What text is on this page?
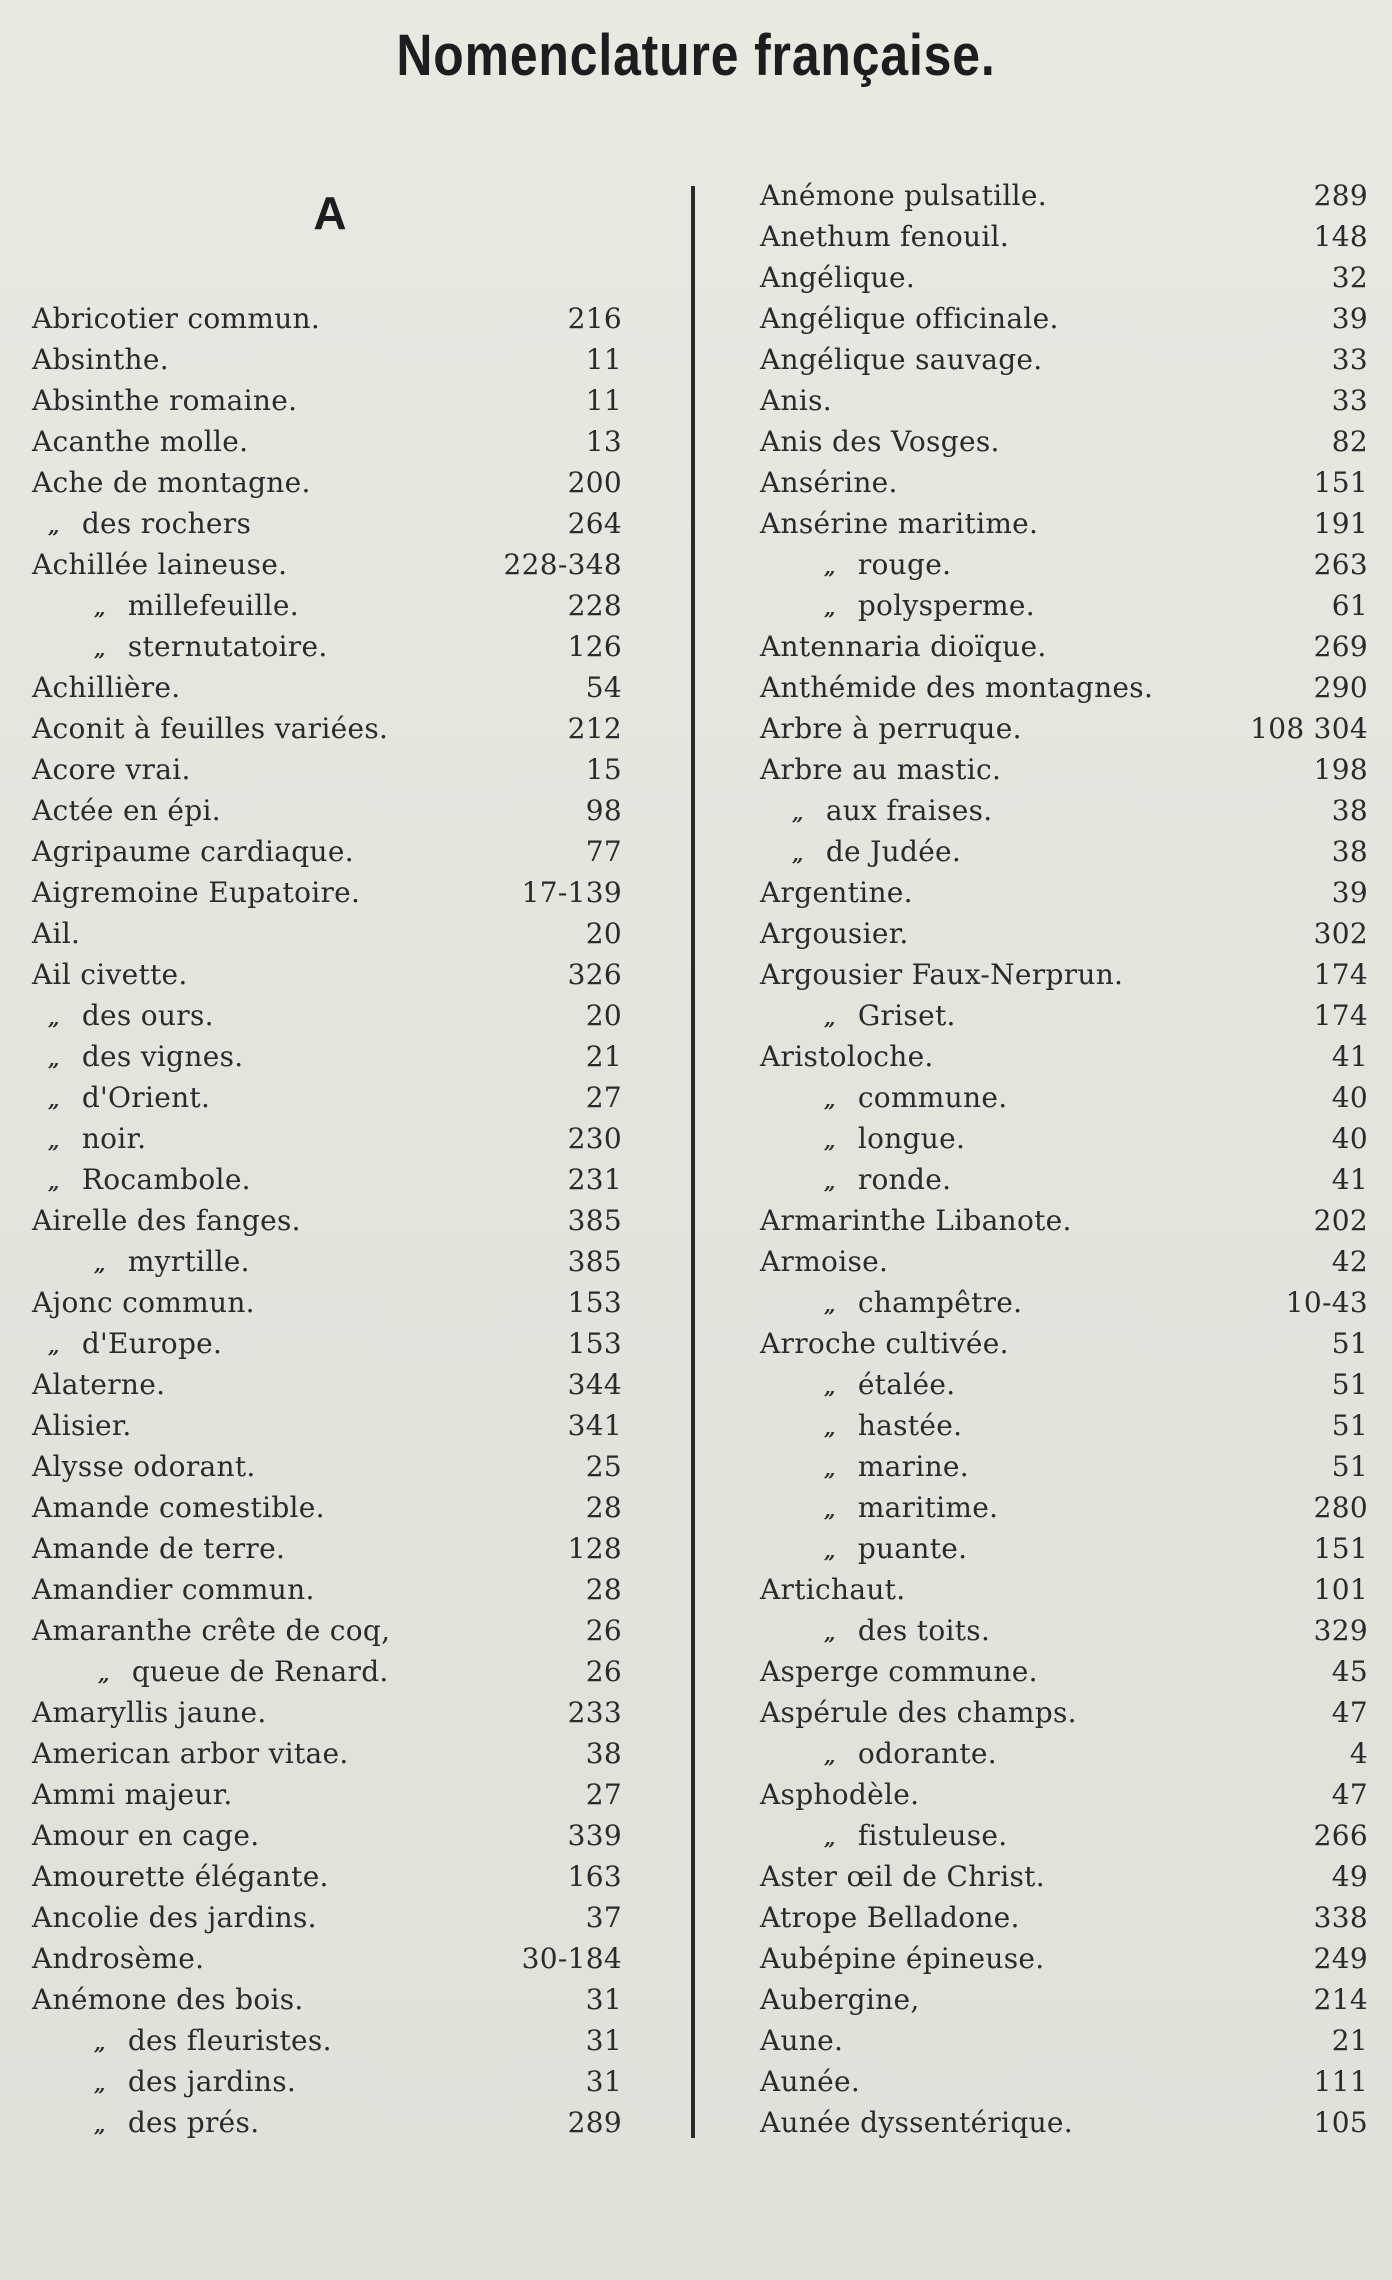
Nomenclature française.
A
Abricotier commun.	216
Absinthe.	11
Absinthe romaine.	11
Acanthe molle.	13
Ache de montagne.	200
„ des rochers	264
Achillée laineuse.	228-348
„ millefeuille.	228
„ sternutatoire.	126
Achillière.	54
Aconit à feuilles variées.	212
Acore vrai.	15
Actée en épi.	98
Agripaume cardiaque.	77
Aigremoine Eupatoire.	17-139
Ail.	20
Ail civette.	326
„ des ours.	20
„ des vignes.	21
„ d'Orient.	27
„ noir.	230
„ Rocambole.	231
Airelle des fanges.	385
„ myrtille.	385
Ajonc commun.	153
„ d'Europe.	153
Alaterne.	344
Alisier.	341
Alysse odorant.	25
Amande comestible.	28
Amande de terre.	128
Amandier commun.	28
Amaranthe crête de coq,	26
„ queue de Renard.	26
Amaryllis jaune.	233
American arbor vitae.	38
Ammi majeur.	27
Amour en cage.	339
Amourette élégante.	163
Ancolie des jardins.	37
Androsème.	30-184
Anémone des bois.	31
„ des fleuristes.	31
„ des jardins.	31
„ des prés.	289
Anémone pulsatille.	289
Anethum fenouil.	148
Angélique.	32
Angélique officinale.	39
Angélique sauvage.	33
Anis.	33
Anis des Vosges.	82
Ansérine.	151
Ansérine maritime.	191
„ rouge.	263
„ polysperme.	61
Antennaria dioïque.	269
Anthémide des montagnes.	290
Arbre à perruque.	108 304
Arbre au mastic.	198
„ aux fraises.	38
„ de Judée.	38
Argentine.	39
Argousier.	302
Argousier Faux-Nerprun.	174
„ Griset.	174
Aristoloche.	41
„ commune.	40
„ longue.	40
„ ronde.	41
Armarinthe Libanote.	202
Armoise.	42
„ champêtre.	10-43
Arroche cultivée.	51
„ étalée.	51
„ hastée.	51
„ marine.	51
„ maritime.	280
„ puante.	151
Artichaut.	101
„ des toits.	329
Asperge commune.	45
Aspérule des champs.	47
„ odorante.	4
Asphodèle.	47
„ fistuleuse.	266
Aster œil de Christ.	49
Atrope Belladone.	338
Aubépine épineuse.	249
Aubergine,	214
Aune.	21
Aunée.	111
Aunée dyssentérique.	105
